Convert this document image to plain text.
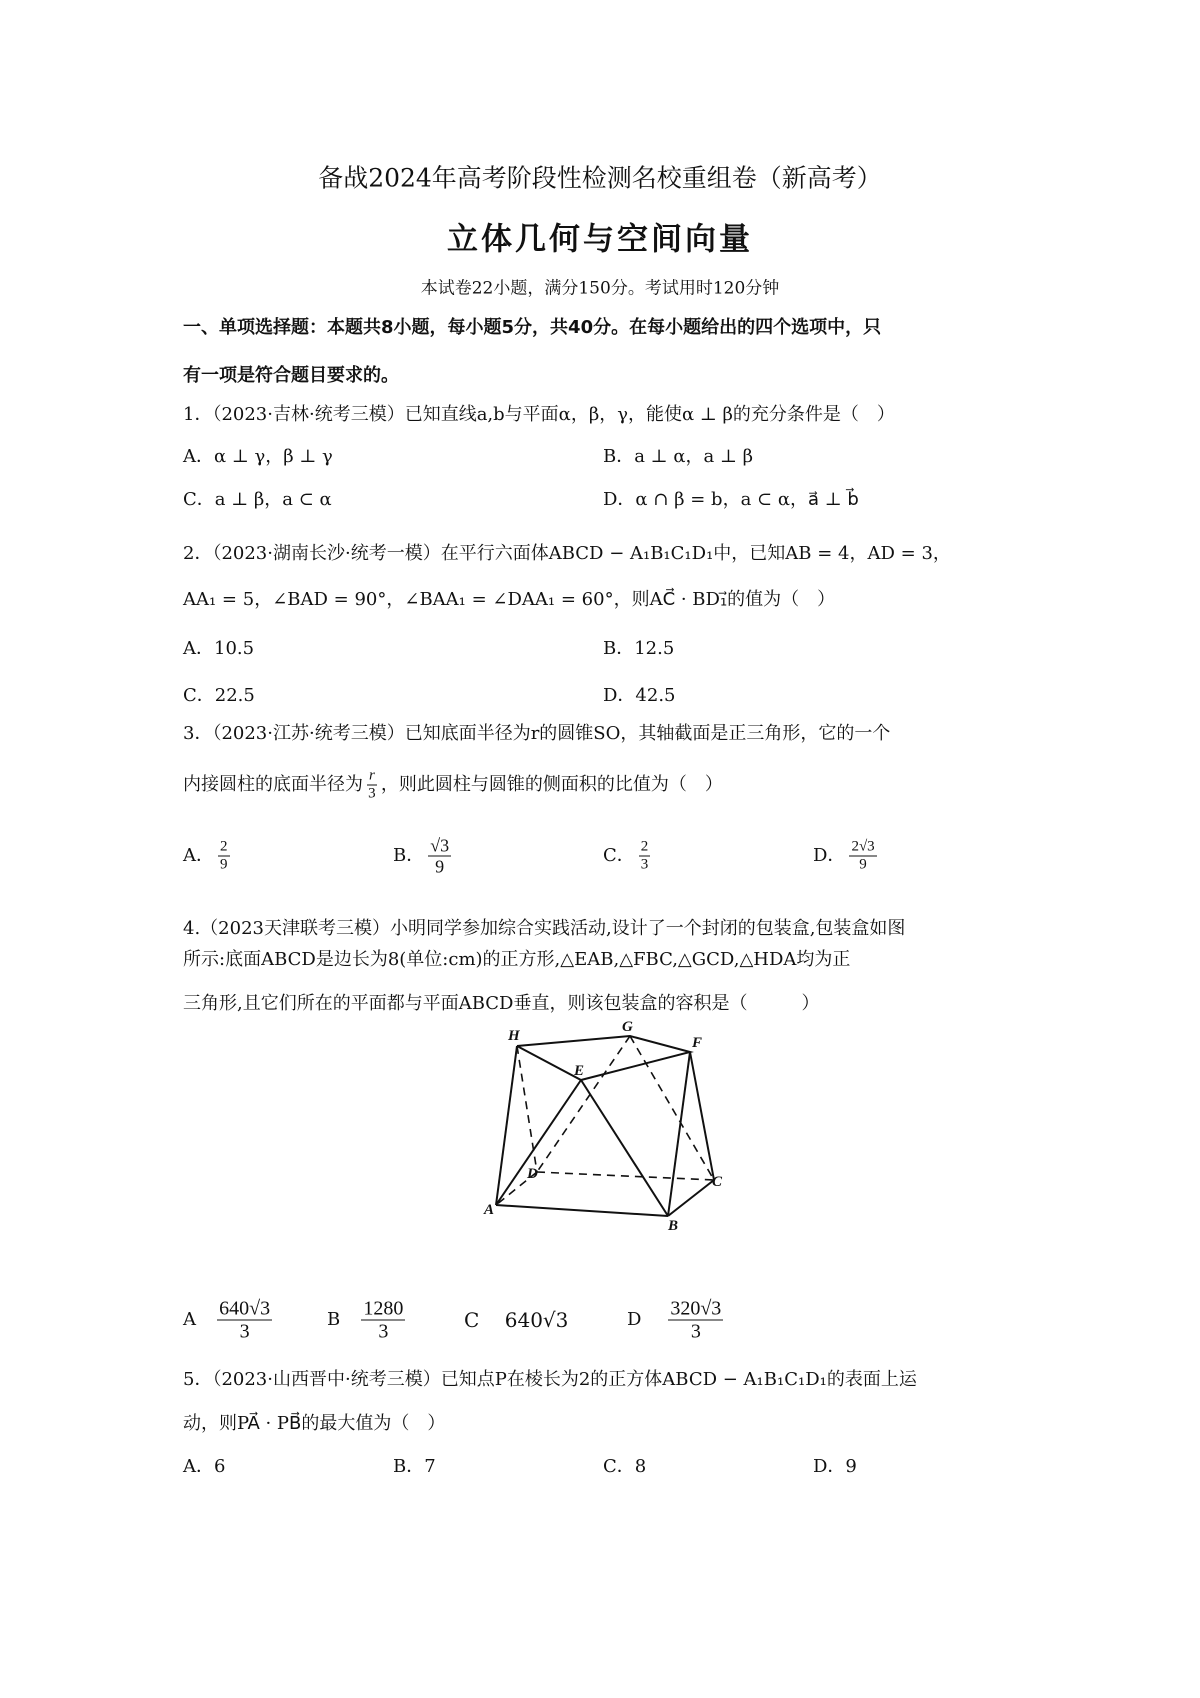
备战2024年高考阶段性检测名校重组卷（新高考）
立体几何与空间向量
本试卷22小题，满分150分。考试用时120分钟
一、单项选择题：本题共8小题，每小题5分，共40分。在每小题给出的四个选项中，只
有一项是符合题目要求的。
1．（2023·吉林·统考三模）已知直线a,b与平面α，β，γ，能使α ⊥ β的充分条件是（　）
A．α ⊥ γ，β ⊥ γ	B．a ⊥ α，a ⊥ β
C．a ⊥ β，a ⊂ α	D．α ∩ β = b，a ⊂ α，a⃗ ⊥ b⃗
2．（2023·湖南长沙·统考一模）在平行六面体ABCD − A₁B₁C₁D₁中，已知AB = 4，AD = 3，
AA₁ = 5，∠BAD = 90°，∠BAA₁ = ∠DAA₁ = 60°，则AC⃗ · BD₁⃗的值为（　）
A．10.5	B．12.5
C．22.5	D．42.5
3．（2023·江苏·统考三模）已知底面半径为r的圆锥SO，其轴截面是正三角形，它的一个
内接圆柱的底面半径为 $\frac{r}{3}$ ，则此圆柱与圆锥的侧面积的比值为（　）
A． $\frac{2}{9}$	B． $\frac{√3}{9}$	C． $\frac{2}{3}$	D． $\frac{2√3}{9}$
4.（2023天津联考三模）小明同学参加综合实践活动,设计了一个封闭的包装盒,包装盒如图
所示:底面ABCD是边长为8(单位:cm)的正方形,△EAB,△FBC,△GCD,△HDA均为正
三角形,且它们所在的平面都与平面ABCD垂直，则该包装盒的容积是（　　　）
H
G
F
E
D	C
A
B
A $\frac{640√3}{3}$	B $\frac{1280}{3}$	C 640√3	D $\frac{320√3}{3}$
5．（2023·山西晋中·统考三模）已知点P在棱长为2的正方体ABCD − A₁B₁C₁D₁的表面上运
动，则PA⃗ · PB⃗的最大值为（　）
A．6	B．7	C．8	D．9
